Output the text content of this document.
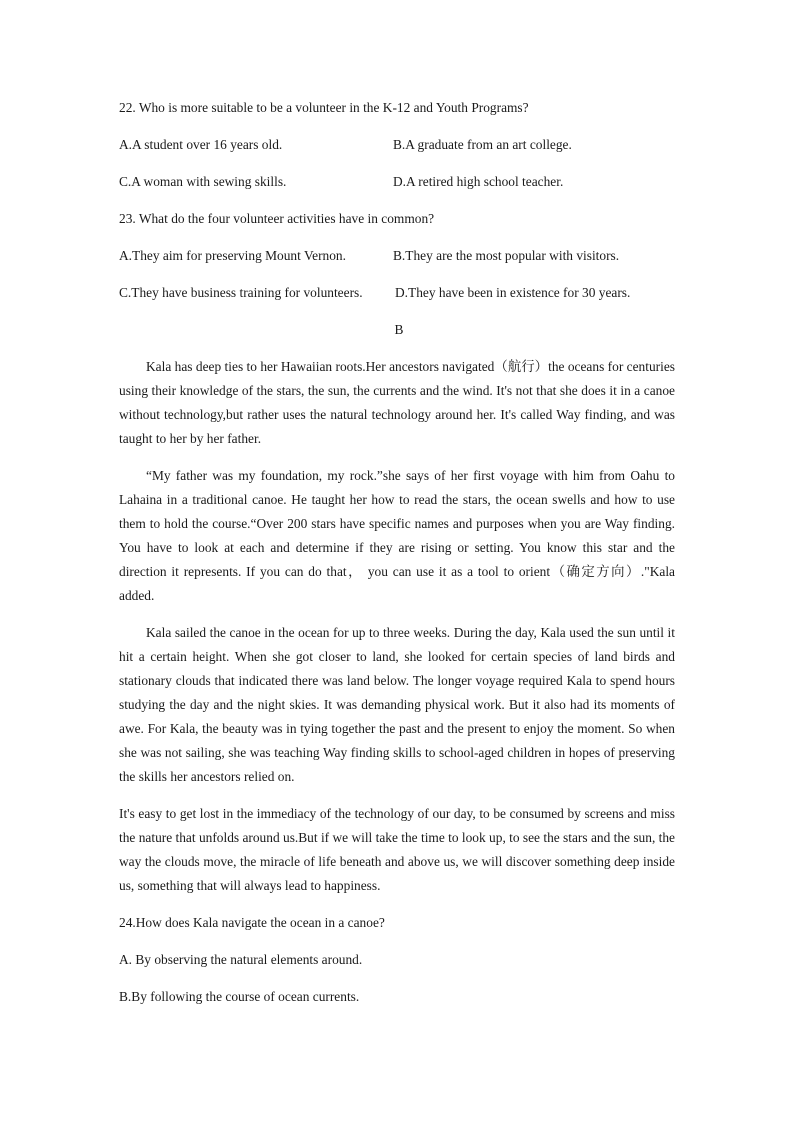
22. Who is more suitable to be a volunteer in the K-12 and Youth Programs?

A.A student over 16 years old.	B.A graduate from an art college.
C.A woman with sewing skills.	D.A retired high school teacher.

23. What do the four volunteer activities have in common?

A.They aim for preserving Mount Vernon.	B.They are the most popular with visitors.
C.They have business training for volunteers.	D.They have been in existence for 30 years.

B

Kala has deep ties to her Hawaiian roots.Her ancestors navigated（航行）the oceans for centuries using their knowledge of the stars, the sun, the currents and the wind. It's not that she does it in a canoe without technology,but rather uses the natural technology around her. It's called Way finding, and was taught to her by her father.

“My father was my foundation, my rock.”she says of her first voyage with him from Oahu to Lahaina in a traditional canoe. He taught her how to read the stars, the ocean swells and how to use them to hold the course.“Over 200 stars have specific names and purposes when you are Way finding. You have to look at each and determine if they are rising or setting. You know this star and the direction it represents. If you can do that， you can use it as a tool to orient（确定方向）."Kala added.

Kala sailed the canoe in the ocean for up to three weeks. During the day, Kala used the sun until it hit a certain height. When she got closer to land, she looked for certain species of land birds and stationary clouds that indicated there was land below. The longer voyage required Kala to spend hours studying the day and the night skies. It was demanding physical work. But it also had its moments of awe. For Kala, the beauty was in tying together the past and the present to enjoy the moment. So when she was not sailing, she was teaching Way finding skills to school-aged children in hopes of preserving the skills her ancestors relied on.

It's easy to get lost in the immediacy of the technology of our day, to be consumed by screens and miss the nature that unfolds around us.But if we will take the time to look up, to see the stars and the sun, the way the clouds move, the miracle of life beneath and above us, we will discover something deep inside us, something that will always lead to happiness.

24.How does Kala navigate the ocean in a canoe?

A. By observing the natural elements around.

B.By following the course of ocean currents.
